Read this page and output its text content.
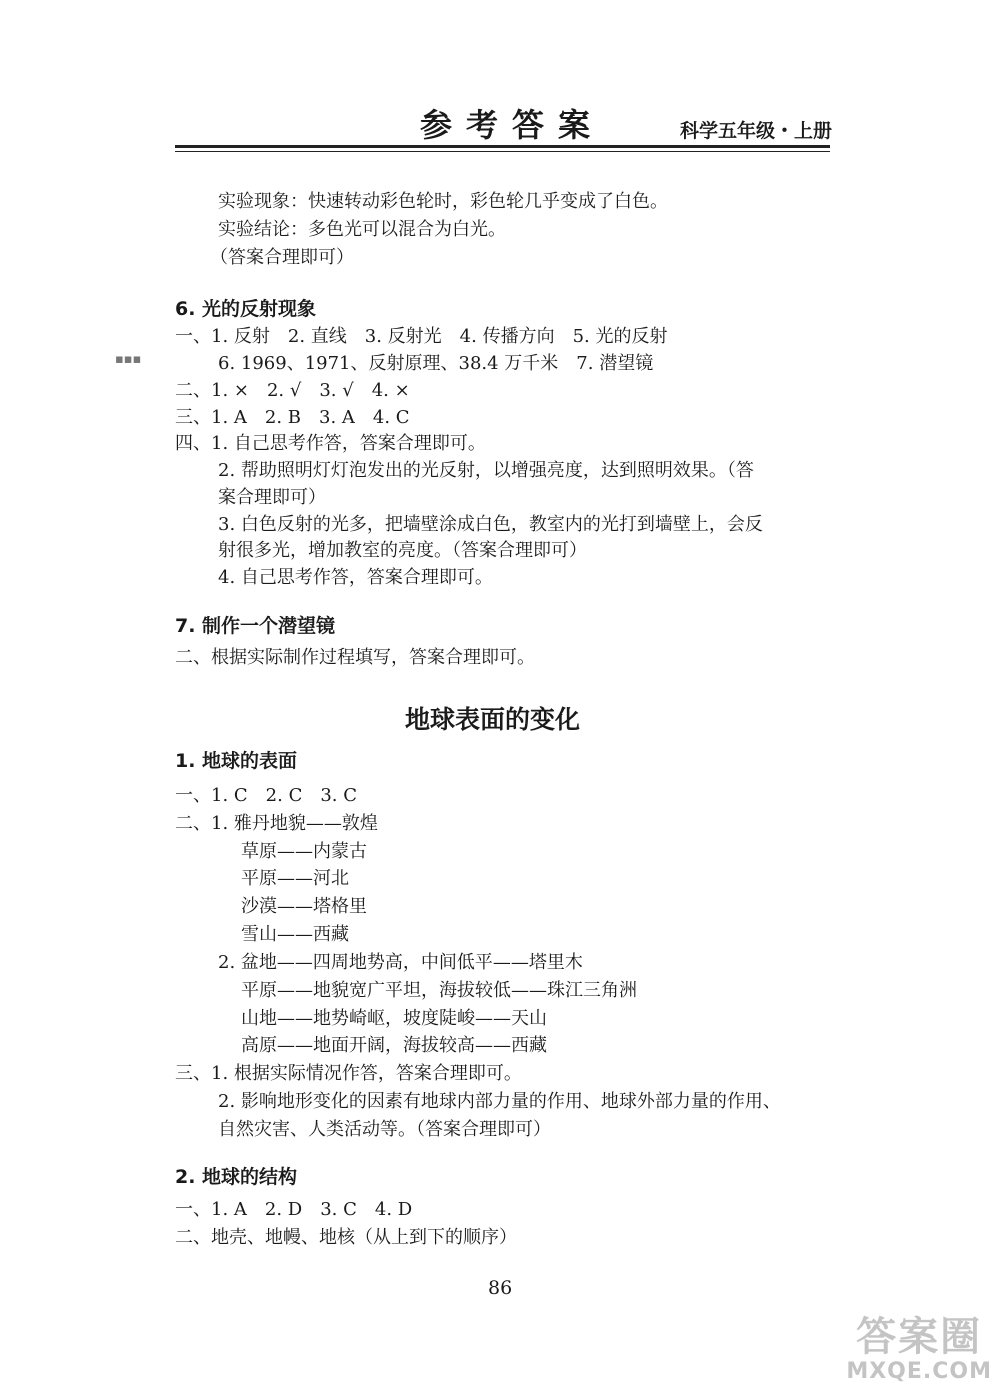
参考答案	科学五年级・上册
实验现象：快速转动彩色轮时，彩色轮几乎变成了白色。
实验结论：多色光可以混合为白光。
（答案合理即可）
一、1. 反射　2. 直线　3. 反射光　4. 传播方向　5. 光的反射
6. 1969、1971、反射原理、38.4 万千米　7. 潜望镜
二、1. ×　2. √　3. √　4. ×
三、1. A　2. B　3. A　4. C
四、1. 自己思考作答，答案合理即可。
2. 帮助照明灯灯泡发出的光反射，以增强亮度，达到照明效果。（答
案合理即可）
3. 白色反射的光多，把墙壁涂成白色，教室内的光打到墙壁上，会反
射很多光，增加教室的亮度。（答案合理即可）
4. 自己思考作答，答案合理即可。
二、根据实际制作过程填写，答案合理即可。
一、1. C　2. C　3. C
二、1. 雅丹地貌——敦煌
草原——内蒙古
平原——河北
沙漠——塔格里
雪山——西藏
2. 盆地——四周地势高，中间低平——塔里木
平原——地貌宽广平坦，海拔较低——珠江三角洲
山地——地势崎岖，坡度陡峻——天山
高原——地面开阔，海拔较高——西藏
三、1. 根据实际情况作答，答案合理即可。
2. 影响地形变化的因素有地球内部力量的作用、地球外部力量的作用、
自然灾害、人类活动等。（答案合理即可）
一、1. A　2. D　3. C　4. D
二、地壳、地幔、地核（从上到下的顺序）
6. 光的反射现象
7. 制作一个潜望镜
1. 地球的表面
2. 地球的结构
地球表面的变化
▪▪▪
86
答案圈
MXQE.COM
